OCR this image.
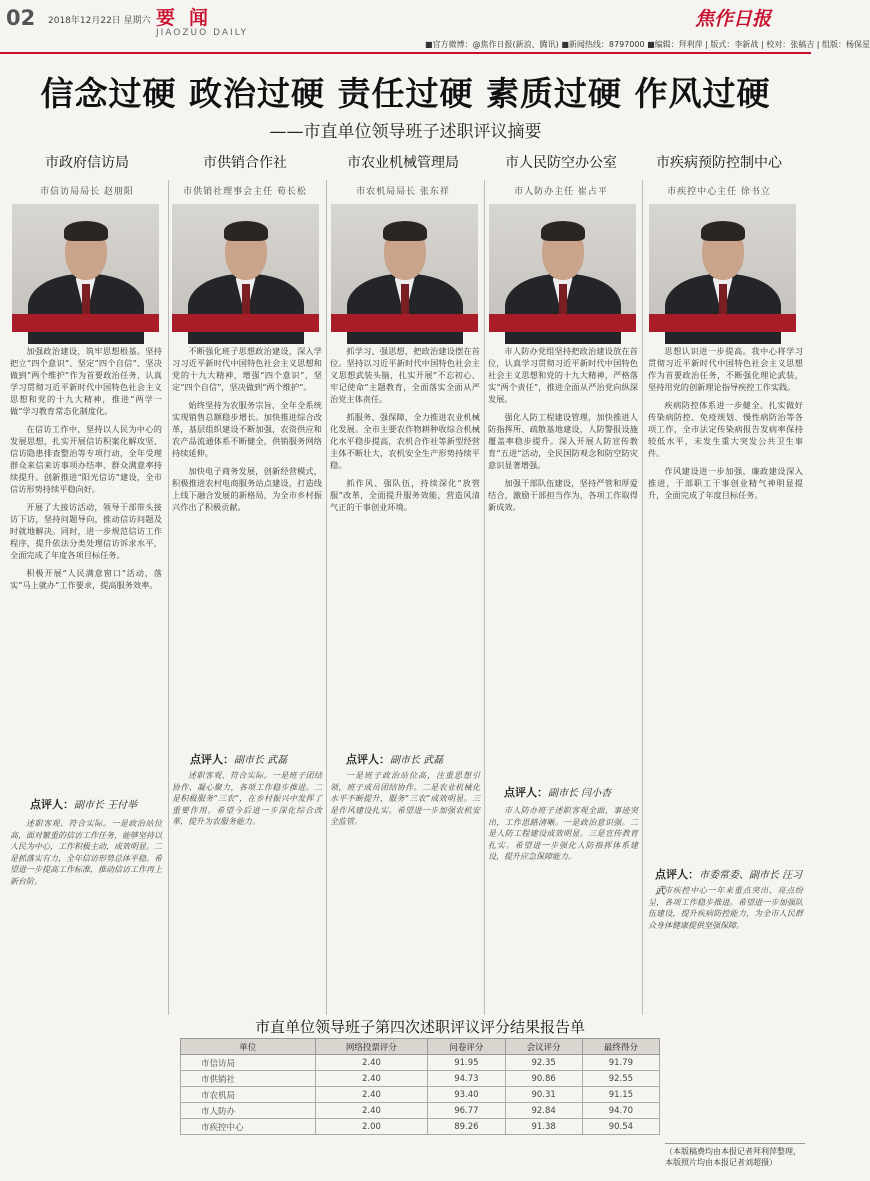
02 2018年12月22日 星期六 要闻
JIAOZUO DAILY
焦作日报
■官方微博：@焦作日报(新浪、腾讯) ■新闻热线：8797000 ■编辑：拜利萍 | 版式：李新战 | 校对：张稿吉 | 组版：杨保星
信念过硬 政治过硬 责任过硬 素质过硬 作风过硬
——市直单位领导班子述职评议摘要
市政府信访局
市信访局局长 赵朋阳
市供销合作社
市供销社理事会主任 荀长松
市农业机械管理局
市农机局局长 张东祥
市人民防空办公室
市人防办主任 崔占平
市疾病预防控制中心
市疾控中心主任 徐书立

加强政治建设，筑牢思想根基。坚持把立“四个意识”、坚定“四个自信”、坚决做到“两个维护”作为首要政治任务，认真学习贯彻习近平新时代中国特色社会主义思想和党的十九大精神，推进“两学一做”学习教育常态化制度化。

在信访工作中，坚持以人民为中心的发展思想，扎实开展信访积案化解攻坚、信访隐患排查整治等专项行动，全年受理群众来信来访事项办结率、群众满意率持续提升。创新推进“阳光信访”建设，全市信访形势持续平稳向好。

开展了大接访活动，领导干部带头接访下访，坚持问题导向，推动信访问题及时就地解决。同时，进一步规范信访工作程序，提升依法分类处理信访诉求水平，全面完成了年度各项目标任务。

积极开展“人民满意窗口”活动，落实“马上就办”工作要求，提高服务效率。

不断强化班子思想政治建设，深入学习习近平新时代中国特色社会主义思想和党的十九大精神，增强“四个意识”，坚定“四个自信”，坚决做到“两个维护”。

始终坚持为农服务宗旨，全年全系统实现销售总额稳步增长。加快推进综合改革，基层组织建设不断加强，农资供应和农产品流通体系不断健全，供销服务网络持续延伸。

加快电子商务发展，创新经营模式，积极推进农村电商服务站点建设，打造线上线下融合发展的新格局，为全市乡村振兴作出了积极贡献。

抓学习、强思想，把政治建设摆在首位。坚持以习近平新时代中国特色社会主义思想武装头脑，扎实开展“不忘初心、牢记使命”主题教育，全面落实全面从严治党主体责任。

抓服务、强保障，全力推进农业机械化发展。全市主要农作物耕种收综合机械化水平稳步提高，农机合作社等新型经营主体不断壮大，农机安全生产形势持续平稳。

抓作风、强队伍，持续深化“放管服”改革，全面提升服务效能，营造风清气正的干事创业环境。

市人防办党组坚持把政治建设放在首位，认真学习贯彻习近平新时代中国特色社会主义思想和党的十九大精神，严格落实“两个责任”，推进全面从严治党向纵深发展。

强化人防工程建设管理，加快推进人防指挥所、疏散基地建设，人防警报设施覆盖率稳步提升。深入开展人防宣传教育“五进”活动，全民国防观念和防空防灾意识显著增强。

加强干部队伍建设，坚持严管和厚爱结合，激励干部担当作为，各项工作取得新成效。

思想认识进一步提高。我中心将学习贯彻习近平新时代中国特色社会主义思想作为首要政治任务，不断强化理论武装，坚持用党的创新理论指导疾控工作实践。

疾病防控体系进一步健全。扎实做好传染病防控、免疫规划、慢性病防治等各项工作，全市法定传染病报告发病率保持较低水平，未发生重大突发公共卫生事件。

作风建设进一步加强，廉政建设深入推进，干部职工干事创业精气神明显提升，全面完成了年度目标任务。

点评人：副市长 王付举
点评人：副市长 武磊	点评人：副市长 武磊
点评人：副市长 闫小杏
点评人：市委常委、副市长 汪习武

述职客观、符合实际。一是政治站位高，面对繁重的信访工作任务，能够坚持以人民为中心，工作积极主动，成效明显。二是抓落实有力，全年信访形势总体平稳。希望进一步提高工作标准，推动信访工作再上新台阶。

述职客观、符合实际。一是班子团结协作、凝心聚力，各项工作稳步推进。二是积极服务“三农”，在乡村振兴中发挥了重要作用。希望今后进一步深化综合改革，提升为农服务能力。

一是班子政治站位高，注重思想引领，班子成员团结协作。二是农业机械化水平不断提升，服务“三农”成效明显。三是作风建设扎实。希望进一步加强农机安全监管。

市人防办班子述职客观全面，事迹突出，工作思路清晰。一是政治意识强。二是人防工程建设成效明显。三是宣传教育扎实。希望进一步强化人防指挥体系建设，提升应急保障能力。

市疾控中心一年来重点突出、亮点纷呈，各项工作稳步推进。希望进一步加强队伍建设，提升疾病防控能力，为全市人民群众身体健康提供坚强保障。

市直单位领导班子第四次述职评议评分结果报告单
单位	网络投票评分	问卷评分	会议评分	最终得分
市信访局	2.40	91.95	92.35	91.79
市供销社	2.40	94.73	90.86	92.55
市农机局	2.40	93.40	90.31	91.15
市人防办	2.40	96.77	92.84	94.70
市疾控中心	2.00	89.26	91.38	90.54
（本版稿费均由本报记者拜利萍整理，本版照片均由本报记者刘超摄）
